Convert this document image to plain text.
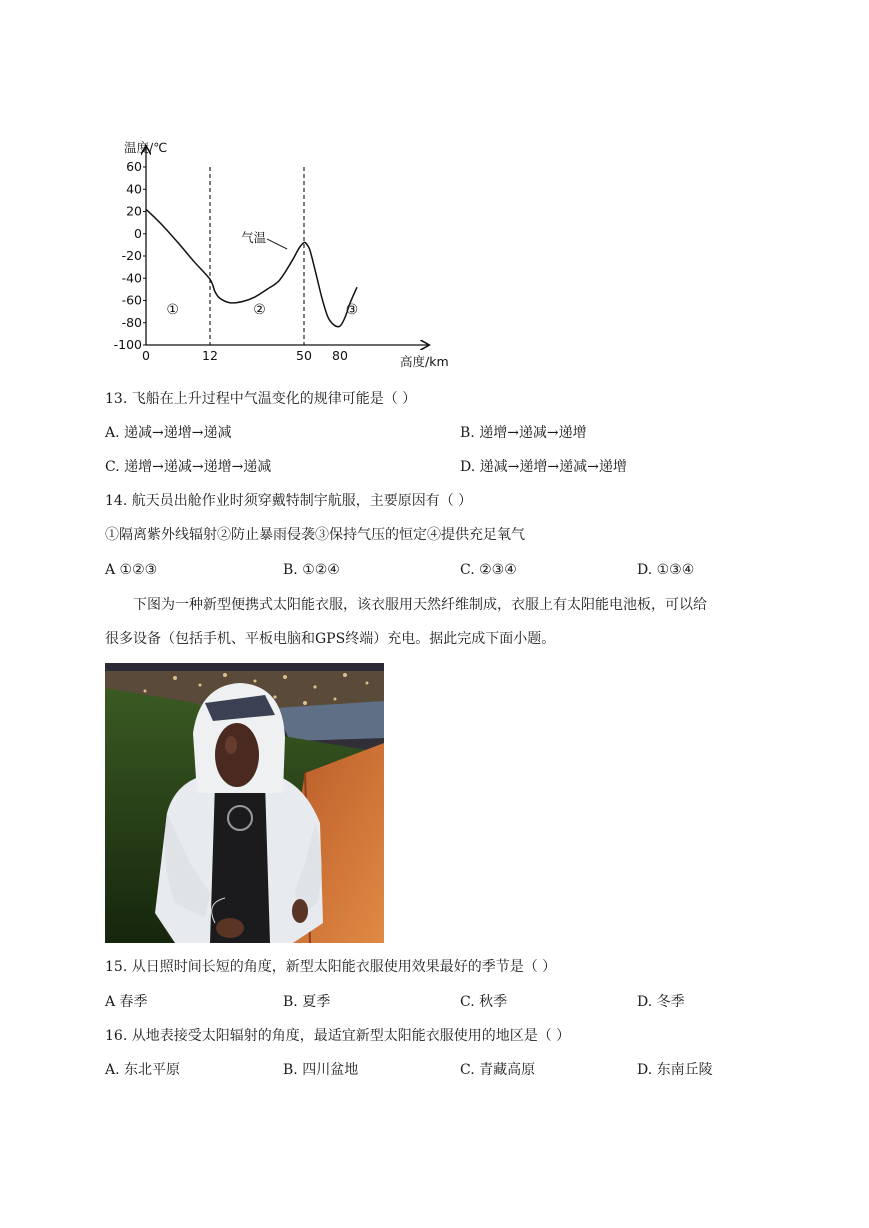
60
40
20
0
-20
-40
-60
-80
-100
0	12	50 80
温度/℃
高度/km
气温
①	②	③
13. 飞船在上升过程中气温变化的规律可能是（ ）
A. 递减→递增→递减	B. 递增→递减→递增
C. 递增→递减→递增→递减	D. 递减→递增→递减→递增
14. 航天员出舱作业时须穿戴特制宇航服，主要原因有（ ）
①隔离紫外线辐射②防止暴雨侵袭③保持气压的恒定④提供充足氧气
A ①②③	B. ①②④	C. ②③④	D. ①③④
下图为一种新型便携式太阳能衣服，该衣服用天然纤维制成，衣服上有太阳能电池板，可以给
很多设备（包括手机、平板电脑和GPS终端）充电。据此完成下面小题。
15. 从日照时间长短的角度，新型太阳能衣服使用效果最好的季节是（ ）
A 春季	B. 夏季	C. 秋季	D. 冬季
16. 从地表接受太阳辐射的角度，最适宜新型太阳能衣服使用的地区是（ ）
A. 东北平原	B. 四川盆地	C. 青藏高原	D. 东南丘陵
